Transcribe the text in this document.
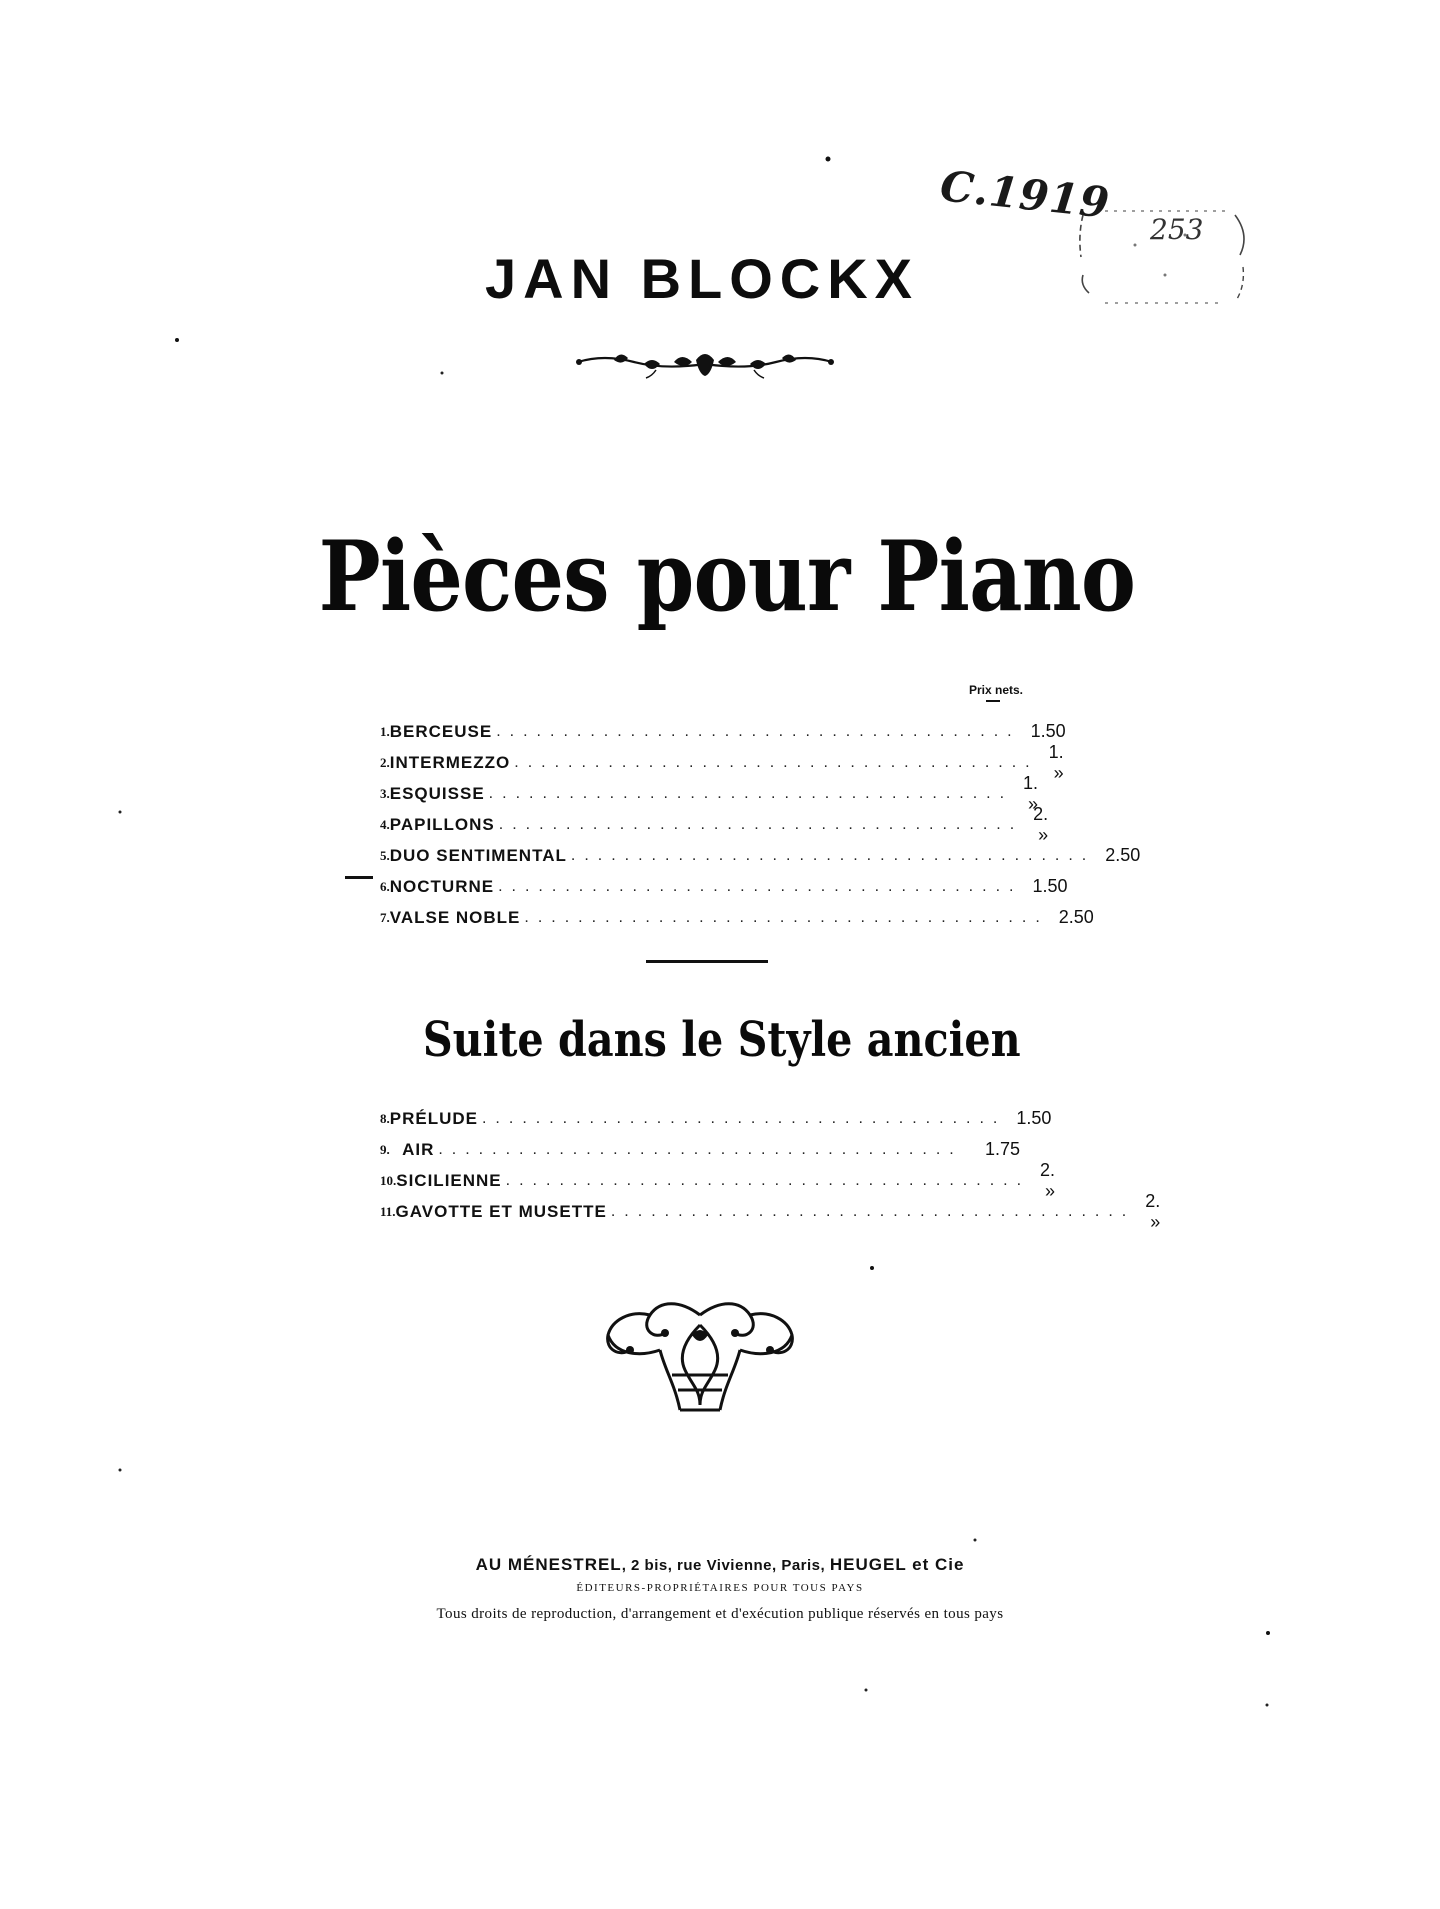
C.1919
253
JAN BLOCKX
Pièces pour Piano
Prix nets.
1. BERCEUSE ....................................... 1.50
2. INTERMEZZO .......................................
1. »
3. ESQUISSE .......................................
1. »
4. PAPILLONS .......................................
2. »
5. DUO SENTIMENTAL ....................................... 2.50
6. NOCTURNE ....................................... 1.50
7. VALSE NOBLE ....................................... 2.50
Suite dans le Style ancien
8. PRÉLUDE ....................................... 1.50
9. AIR .......................................	1.75
10. SICILIENNE .......................................
2. »
11. GAVOTTE ET MUSETTE .......................................
2. »
AU MÉNESTREL, 2 bis, rue Vivienne, Paris, HEUGEL et Cie
ÉDITEURS-PROPRIÉTAIRES POUR TOUS PAYS
Tous droits de reproduction, d'arrangement et d'exécution publique réservés en tous pays
